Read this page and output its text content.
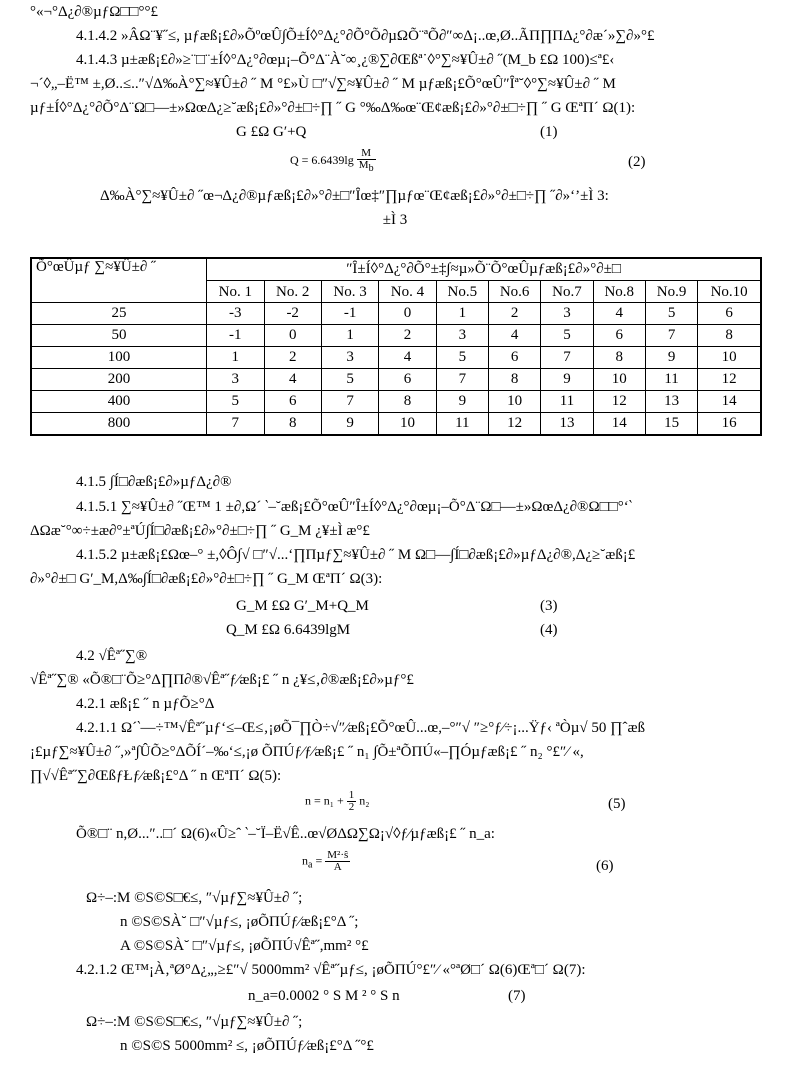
°«¬°Δ¿∂®µƒΩ□□°°£
4.1.4.2 »ÂΩ¨¥˝≤, µƒæß¡£∂»ÕºœÛ∫Õ±Í◊°Δ¿°∂Õ°Õ∂µΩÕ¨ªÕ∂″∞Δ¡..œ,Ø..ÃΠ∏ΠΔ¿°∂æ´»∑∂»°£
4.1.4.3 µ±æß¡£∂»≥¨□¨±Í◊°Δ¿°∂œµ¡–Õ°Δ¨À˘∞¸¿®∑∂Œßª˙◊°∑≈¥Û±∂ ˝(M_b £Ω 100)≤ª£‹
¬´◊„–Ë™ ±,Ø..≤..″√Δ‰À°∑≈¥Û±∂ ˝ M °£»Ù □″√∑≈¥Û±∂ ˝ M µƒæß¡£Õ°œÛ″Ȋª˘◊°∑≈¥Û±∂ ˝ M
µƒ±Í◊°Δ¿°∂Õ°Δ¨Ω□—±»ΩœΔ¿≥˘æß¡£∂»°∂±□÷∏ ˝ G °‰Δ‰œ¨Œ¢æß¡£∂»°∂±□÷∏ ˝ G ŒªΠ´ Ω(1):
G £Ω G′+Q	(1)
$Q = 6.6439\lg \frac{M}{M_b}$	(2)
Δ‰À°∑≈¥Û±∂ ˝œ¬Δ¿∂®µƒæß¡£∂»°∂±□″Ȋœ‡″∏µƒœ¨Œ¢æß¡£∂»°∂±□÷∏ ˝∂»‘’±Ì 3:
±Ì 3
Õ°œÛµƒ ∑≈¥Û±∂ ˝	″Ȋ±Í◊°Δ¿°∂Õ°±‡∫≈µ»Õ¨Õ°œÛµƒæß¡£∂»°∂±□									
	No. 1	No. 2	No. 3	No. 4	No.5	No.6	No.7	No.8	No.9	No.10
25	-3	-2	-1	0	1	2	3	4	5	6
50	-1	0	1	2	3	4	5	6	7	8
100	1	2	3	4	5	6	7	8	9	10
200	3	4	5	6	7	8	9	10	11	12
400	5	6	7	8	9	10	11	12	13	14
800	7	8	9	10	11	12	13	14	15	16
4.1.5 ∫Í□∂æß¡£∂»µƒΔ¿∂®
4.1.5.1 ∑≈¥Û±∂ ˝Œ™ 1 ±∂,Ω´ ‵–˘æß¡£Õ°œÛ″Ȋ±Í◊°Δ¿°∂œµ¡–Õ°Δ¨Ω□—±»ΩœΔ¿∂®Ω□□°‘‵
ΔΩæ˘°∞÷±æ∂°±ªÚ∫Í□∂æß¡£∂»°∂±□÷∏ ˝ G_M ¿¥±Ì æ°£
4.1.5.2 µ±æß¡£Ωœ–° ±,◊Ô∫√ □″√...‘∏Πµƒ∑≈¥Û±∂ ˝ M Ω□—∫Í□∂æß¡£∂»µƒΔ¿∂®,Δ¿≥˘æß¡£
∂»°∂±□ G′_M,Δ‰∫Í□∂æß¡£∂»°∂±□÷∏ ˝ G_M ŒªΠ´ Ω(3):
G_M £Ω G′_M+Q_M	(3)
Q_M £Ω 6.6439lgM	(4)
4.2 √Êª˝∑®
√Êª˝∑® «Õ®□¨Õ≥°Δ∏Π∂®√Êª˝ƒ⁄æß¡£ ˝ n ¿¥≤‚∂®æß¡£∂»µƒ°£
4.2.1 æß¡£ ˝ n µƒÕ≥°Δ
4.2.1.1 Ω´‵—÷™√Êª˝µƒ‘≤–Œ≤‚¡øÕ¯∏Ò÷√″⁄æß¡£Õ°œÛ...œ,–°″√ ″≥°ƒ⁄÷¡...Ÿƒ‹ ªÒµ√ 50 ∏ˆæß
¡£µƒ∑≈¥Û±∂ ˝,»ª∫ÛÕ≥°ΔÕÍ´–‰‘≤,¡ø ÕΠÚƒ⁄ƒ⁄æß¡£ ˝ n₁ ∫Õ±ªÕΠÚ«–∏Óµƒæß¡£ ˝ n₂ °£″⁄ «,
∏√√Êª˝∑∂ŒßƒŁƒ⁄æß¡£°Δ ˝ n ŒªΠ´ Ω(5):
$n = n_1 + \frac{1}{2} n_2$	(5)
Õ®□¨ n,Ø...″..□´ Ω(6)«Û≥ˆ ‵–˘Ï–Ë√Ê..œ√ØΔΩ∑Ω¡√◊ƒ⁄µƒæß¡£ ˝ n_a:
$n_a = \frac{\text{M²·ŝ}}{A}$	(6)
Ω÷–:M ©S©S□€≤, ″√µƒ∑≈¥Û±∂ ˝;
n ©S©SÀ˘ □″√µƒ≤, ¡øÕΠÚƒ⁄æß¡£°Δ ˝;
A ©S©SÀ˘ □″√µƒ≤, ¡øÕΠÚ√Êª˝,mm² °£
4.2.1.2 Œ™¡À‚ªØ°Δ¿„,≥£″√ 5000mm² √Êª˝µƒ≤, ¡øÕΠÚ°£″⁄ «°ªØ□´ Ω(6)Œª□´ Ω(7):
n_a=0.0002 ° S M ² ° S n	(7)
Ω÷–:M ©S©S□€≤, ″√µƒ∑≈¥Û±∂ ˝;
n ©S©S 5000mm² ≤, ¡øÕΠÚƒ⁄æß¡£°Δ ˝°£
